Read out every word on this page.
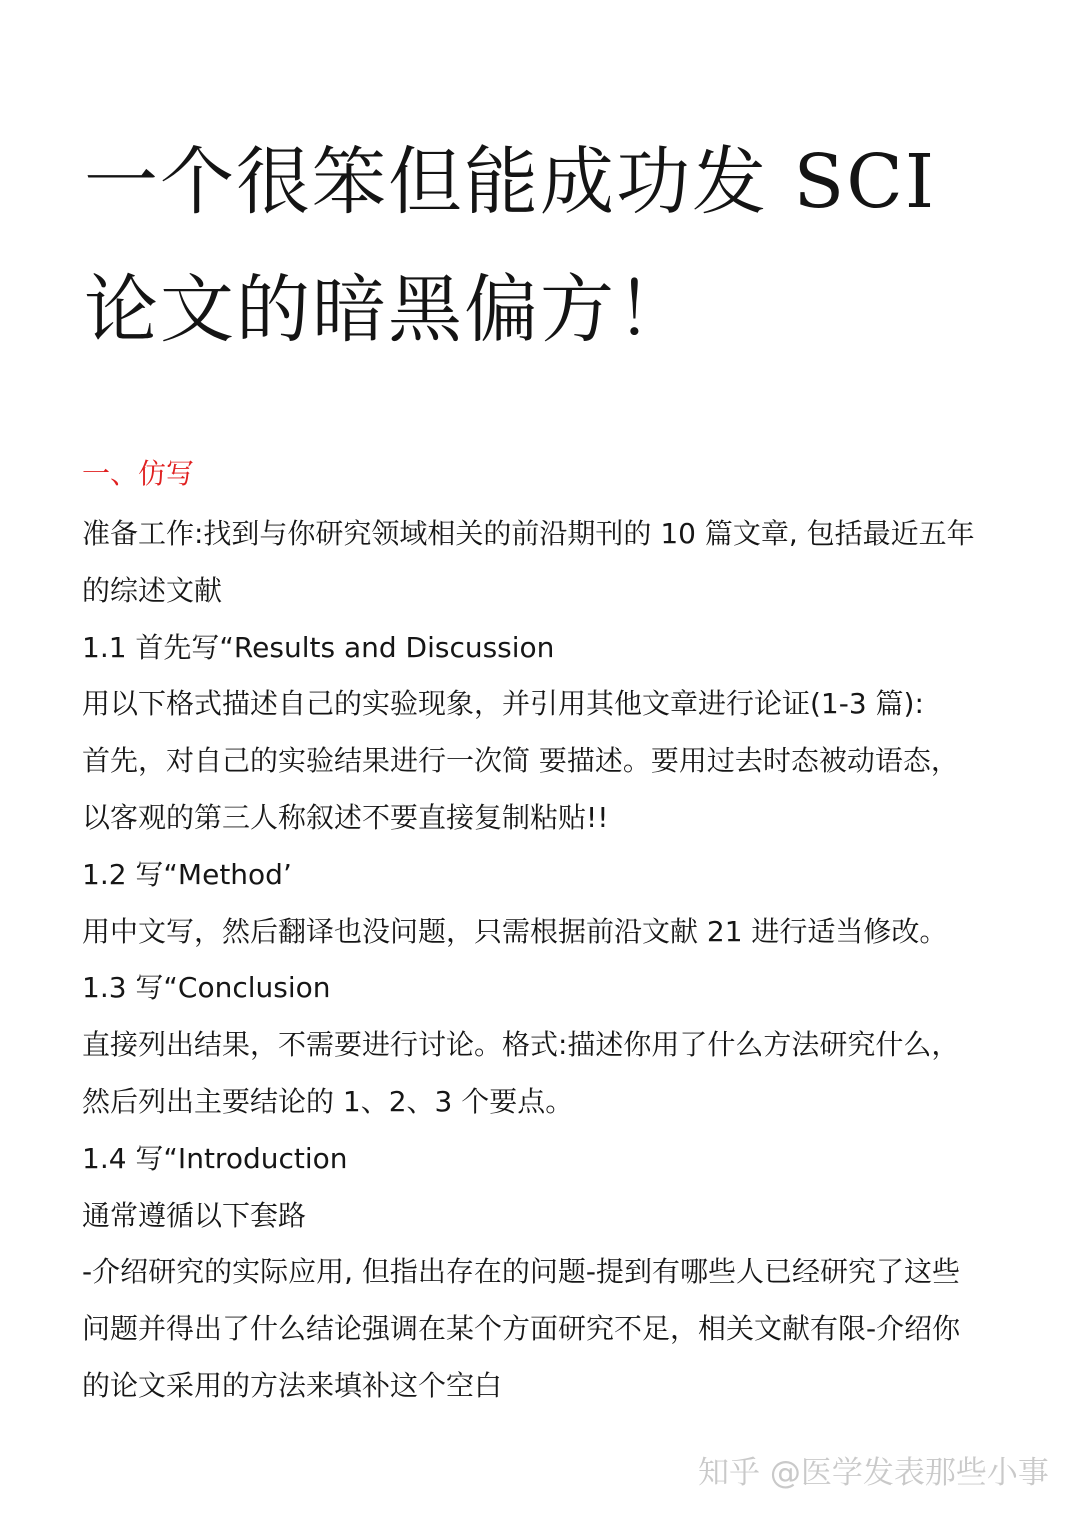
一个很笨但能成功发 SCI
论文的暗黑偏方！
一、仿写
准备工作:找到与你研究领域相关的前沿期刊的 10 篇文章, 包括最近五年
的综述文献
1.1 首先写“Results and Discussion
用以下格式描述自己的实验现象，并引用其他文章进行论证(1-3 篇):
首先，对自己的实验结果进行一次简 要描述。要用过去时态被动语态，
以客观的第三人称叙述不要直接复制粘贴!!
1.2 写“Method’
用中文写，然后翻译也没问题，只需根据前沿文献 21 进行适当修改。
1.3 写“Conclusion
直接列出结果，不需要进行讨论。格式:描述你用了什么方法研究什么，
然后列出主要结论的 1、2、3 个要点。
1.4 写“Introduction
通常遵循以下套路
-介绍研究的实际应用, 但指出存在的问题-提到有哪些人已经研究了这些
问题并得出了什么结论强调在某个方面研究不足，相关文献有限-介绍你
的论文采用的方法来填补这个空白
知乎 @医学发表那些小事
